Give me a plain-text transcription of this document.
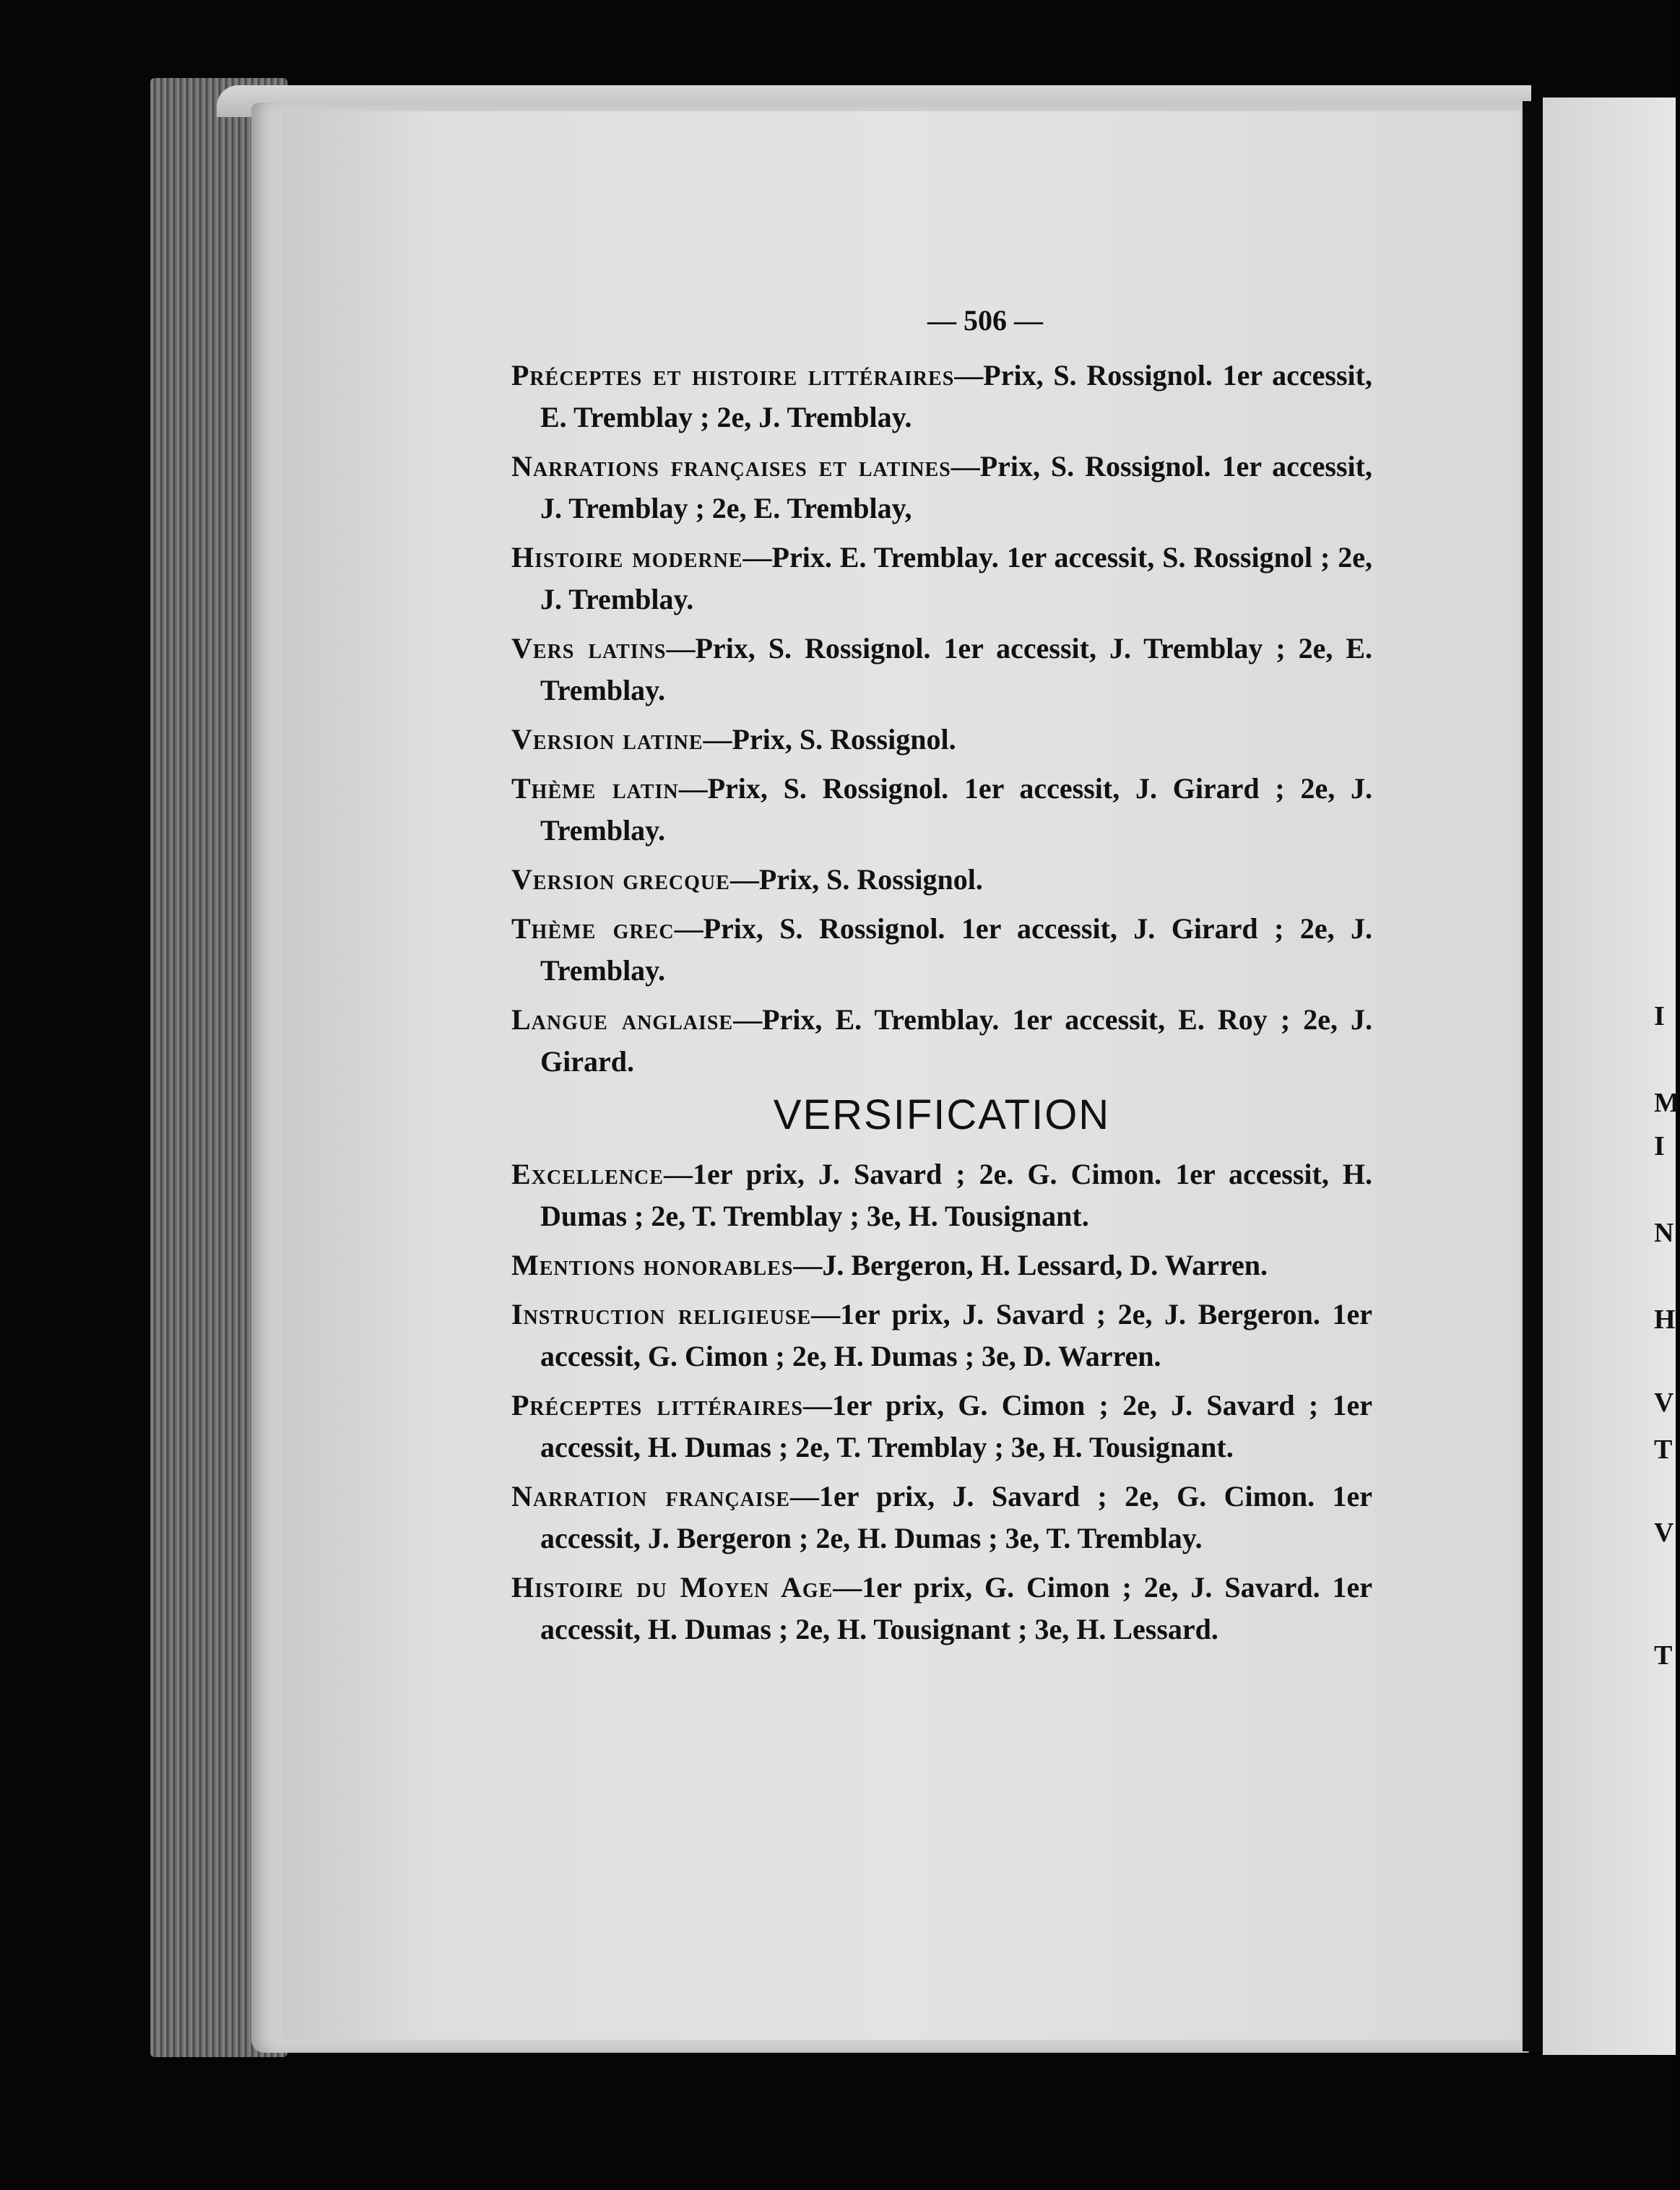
I
M
I
N
H
V
T
V
T
— 506 —

Préceptes et histoire littéraires—Prix, S. Rossignol. 1er accessit, E. Tremblay ; 2e, J. Tremblay.

Narrations françaises et latines—Prix, S. Rossignol. 1er accessit, J. Tremblay ; 2e, E. Tremblay,

Histoire moderne—Prix. E. Tremblay. 1er accessit, S. Rossignol ; 2e, J. Tremblay.

Vers latins—Prix, S. Rossignol. 1er accessit, J. Tremblay ; 2e, E. Tremblay.

Version latine—Prix, S. Rossignol.

Thème latin—Prix, S. Rossignol. 1er accessit, J. Girard ; 2e, J. Tremblay.

Version grecque—Prix, S. Rossignol.

Thème grec—Prix, S. Rossignol. 1er accessit, J. Girard ; 2e, J. Tremblay.

Langue anglaise—Prix, E. Tremblay. 1er accessit, E. Roy ; 2e, J. Girard.

VERSIFICATION

Excellence—1er prix, J. Savard ; 2e. G. Cimon. 1er accessit, H. Dumas ; 2e, T. Tremblay ; 3e, H. Tousignant.

Mentions honorables—J. Bergeron, H. Lessard, D. Warren.

Instruction religieuse—1er prix, J. Savard ; 2e, J. Bergeron. 1er accessit, G. Cimon ; 2e, H. Dumas ; 3e, D. Warren.

Préceptes littéraires—1er prix, G. Cimon ; 2e, J. Savard ; 1er accessit, H. Dumas ; 2e, T. Tremblay ; 3e, H. Tousignant.

Narration française—1er prix, J. Savard ; 2e, G. Cimon. 1er accessit, J. Bergeron ; 2e, H. Dumas ; 3e, T. Tremblay.

Histoire du Moyen Age—1er prix, G. Cimon ; 2e, J. Savard. 1er accessit, H. Dumas ; 2e, H. Tousignant ; 3e, H. Lessard.
